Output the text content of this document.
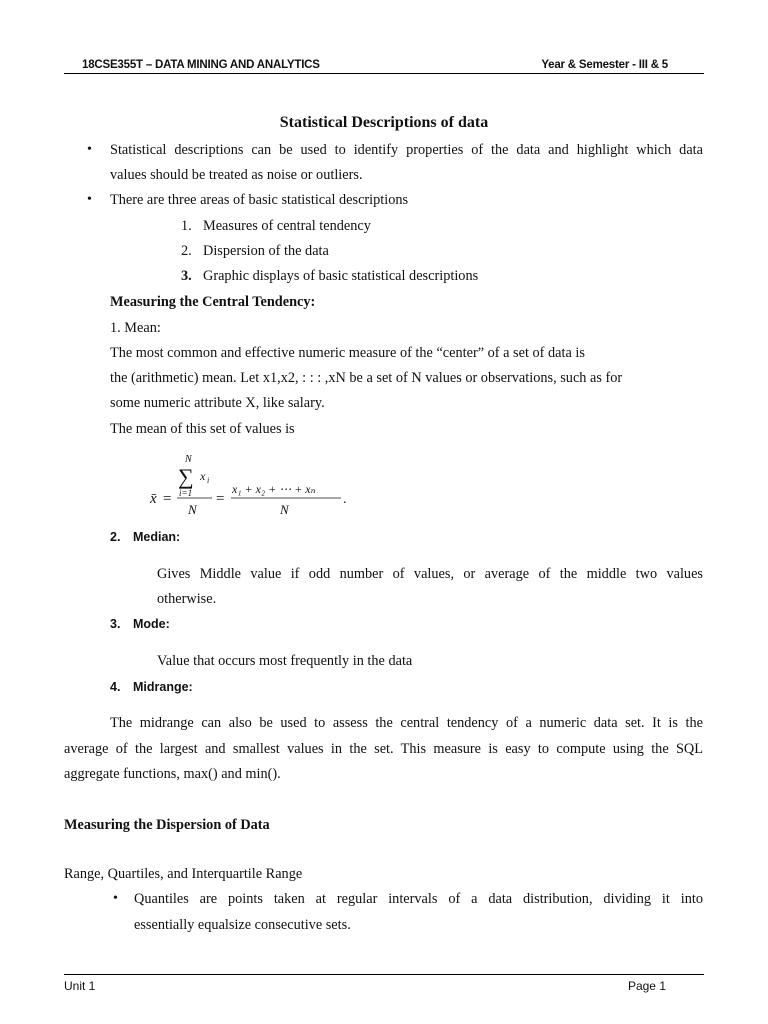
18CSE355T – DATA MINING AND ANALYTICS	Year & Semester - III & 5
Statistical Descriptions of data
• Statistical descriptions can be used to identify properties of the data and highlight which data
values should be treated as noise or outliers.
• There are three areas of basic statistical descriptions
1. Measures of central tendency
2. Dispersion of the data
3. Graphic displays of basic statistical descriptions
Measuring the Central Tendency:
1. Mean:
The most common and effective numeric measure of the “center” of a set of data is
the (arithmetic) mean. Let x1,x2, : : : ,xN be a set of N values or observations, such as for
some numeric attribute X, like salary.
The mean of this set of values is
N
∑ x i
i=1
x̄ =
N
=
x₁ + x₂ + ⋯ + xₙ
N
.
2. Median:
Gives Middle value if odd number of values, or average of the middle two values
otherwise.
3. Mode:
Value that occurs most frequently in the data
4. Midrange:
The midrange can also be used to assess the central tendency of a numeric data set. It is the
average of the largest and smallest values in the set. This measure is easy to compute using the SQL
aggregate functions, max() and min().
Measuring the Dispersion of Data
Range, Quartiles, and Interquartile Range
• Quantiles are points taken at regular intervals of a data distribution, dividing it into
essentially equalsize consecutive sets.
Unit 1	Page 1
